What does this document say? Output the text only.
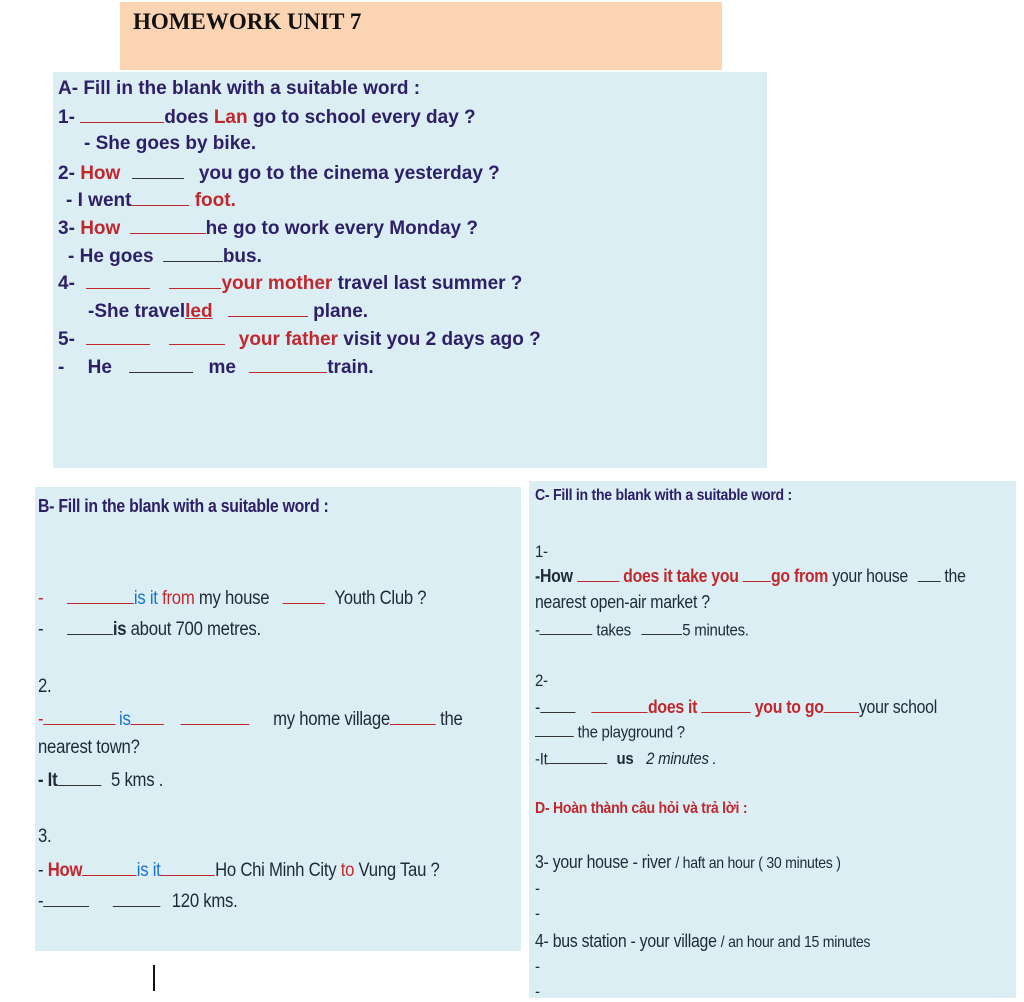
HOMEWORK UNIT 7
A- Fill in the blank with a suitable word :
1-	does Lan go to school every day ?
- She goes by bike.
2- How	you go to the cinema yesterday ?
- I went	foot.
3- How	he go to work every Monday ?
- He goes	bus.
4-	your mother travel last summer ?
-She travelled	plane.
5-	your father visit you 2 days ago ?
- He	me	train.
B- Fill in the blank with a suitable word :
-	is it from my house	Youth Club ?
-	is about 700 metres.
2.
-	is	my home village	the
nearest town?
- It	5 kms .
3.
- How	is it	Ho Chi Minh City to Vung Tau ?
-	120 kms.
C- Fill in the blank with a suitable word :
1-
-How	does it take you go from your house the
nearest open-air market ?
-	takes	5 minutes.
2-
-	does it	you to go your school
the playground ?
-It	us 2 minutes .
D- Hoàn thành câu hỏi và trả lời :
3- your house - river / haft an hour ( 30 minutes )
-
-
4- bus station - your village / an hour and 15 minutes
-
-
